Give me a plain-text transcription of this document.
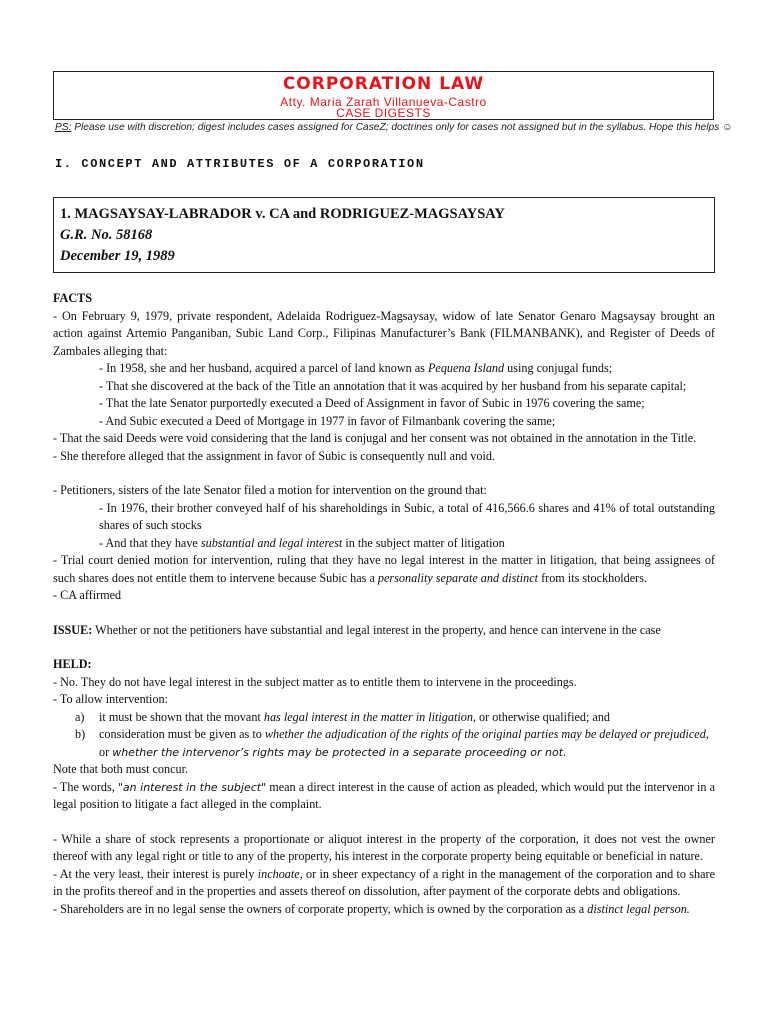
CORPORATION LAW
Atty. Maria Zarah Villanueva-Castro
CASE DIGESTS
PS: Please use with discretion; digest includes cases assigned for CaseZ; doctrines only for cases not assigned but in the syllabus. Hope this helps ☺
I. CONCEPT AND ATTRIBUTES OF A CORPORATION
1. MAGSAYSAY-LABRADOR v. CA and RODRIGUEZ-MAGSAYSAY
G.R. No. 58168
December 19, 1989

FACTS

- On February 9, 1979, private respondent, Adelaida Rodriguez-Magsaysay, widow of late Senator Genaro Magsaysay brought an action against Artemio Panganiban, Subic Land Corp., Filipinas Manufacturer’s Bank (FILMANBANK), and Register of Deeds of Zambales alleging that:

- In 1958, she and her husband, acquired a parcel of land known as Pequena Island using conjugal funds;

- That she discovered at the back of the Title an annotation that it was acquired by her husband from his separate capital;

- That the late Senator purportedly executed a Deed of Assignment in favor of Subic in 1976 covering the same;

- And Subic executed a Deed of Mortgage in 1977 in favor of Filmanbank covering the same;

- That the said Deeds were void considering that the land is conjugal and her consent was not obtained in the annotation in the Title.

- She therefore alleged that the assignment in favor of Subic is consequently null and void.

- Petitioners, sisters of the late Senator filed a motion for intervention on the ground that:

- In 1976, their brother conveyed half of his shareholdings in Subic, a total of 416,566.6 shares and 41% of total outstanding shares of such stocks

- And that they have substantial and legal interest in the subject matter of litigation

- Trial court denied motion for intervention, ruling that they have no legal interest in the matter in litigation, that being assignees of such shares does not entitle them to intervene because Subic has a personality separate and distinct from its stockholders.

- CA affirmed

ISSUE: Whether or not the petitioners have substantial and legal interest in the property, and hence can intervene in the case

HELD:

- No. They do not have legal interest in the subject matter as to entitle them to intervene in the proceedings.

- To allow intervention:

a)	it must be shown that the movant has legal interest in the matter in litigation, or otherwise qualified; and
b)	consideration must be given as to whether the adjudication of the rights of the original parties may be delayed or prejudiced,
or whether the intervenor’s rights may be protected in a separate proceeding or not.

Note that both must concur.

- The words, "an interest in the subject" mean a direct interest in the cause of action as pleaded, which would put the intervenor in a legal position to litigate a fact alleged in the complaint.

- While a share of stock represents a proportionate or aliquot interest in the property of the corporation, it does not vest the owner thereof with any legal right or title to any of the property, his interest in the corporate property being equitable or beneficial in nature.

- At the very least, their interest is purely inchoate, or in sheer expectancy of a right in the management of the corporation and to share in the profits thereof and in the properties and assets thereof on dissolution, after payment of the corporate debts and obligations.

- Shareholders are in no legal sense the owners of corporate property, which is owned by the corporation as a distinct legal person.
